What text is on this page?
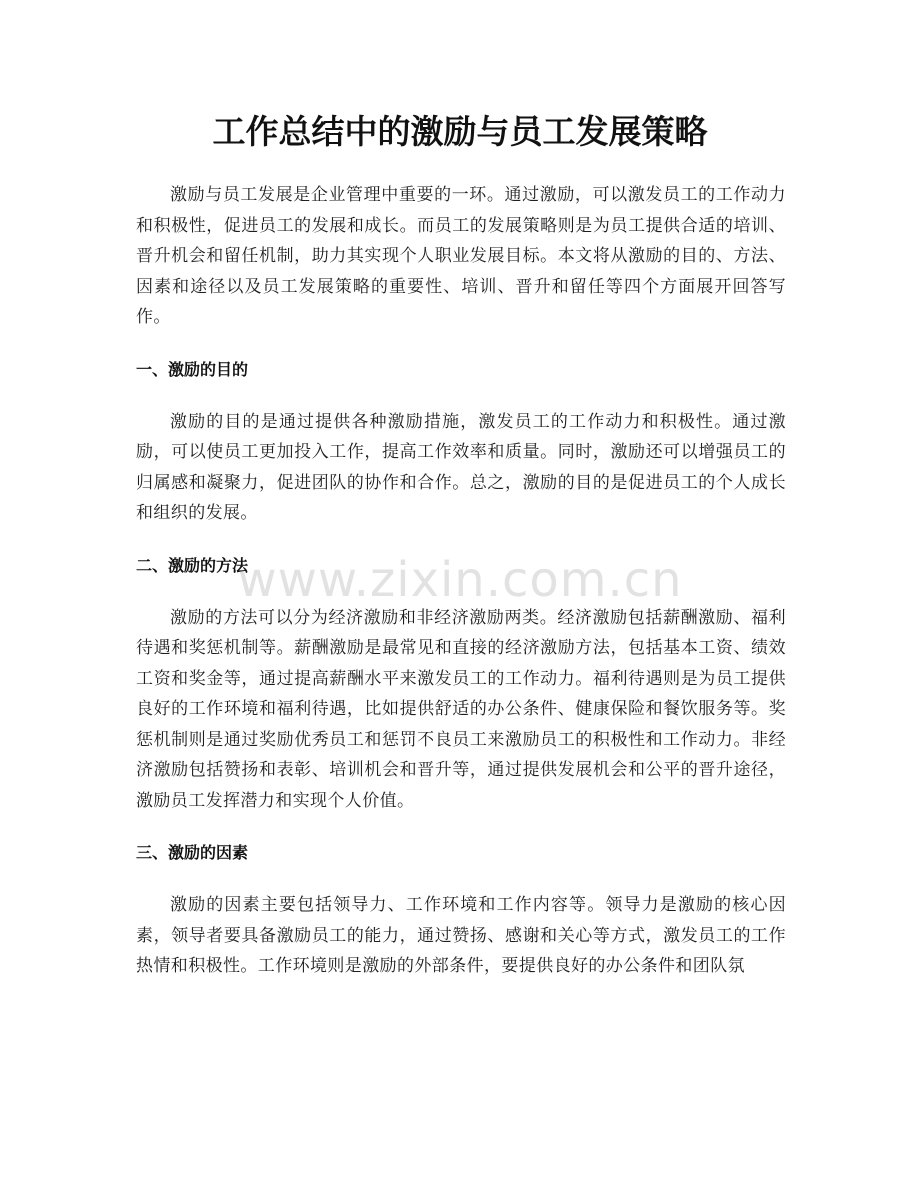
工作总结中的激励与员工发展策略

激励与员工发展是企业管理中重要的一环。通过激励，可以激发员工的工作动力和积极性，促进员工的发展和成长。而员工的发展策略则是为员工提供合适的培训、晋升机会和留任机制，助力其实现个人职业发展目标。本文将从激励的目的、方法、因素和途径以及员工发展策略的重要性、培训、晋升和留任等四个方面展开回答写作。

一、激励的目的

激励的目的是通过提供各种激励措施，激发员工的工作动力和积极性。通过激励，可以使员工更加投入工作，提高工作效率和质量。同时，激励还可以增强员工的归属感和凝聚力，促进团队的协作和合作。总之，激励的目的是促进员工的个人成长和组织的发展。

二、激励的方法

激励的方法可以分为经济激励和非经济激励两类。经济激励包括薪酬激励、福利待遇和奖惩机制等。薪酬激励是最常见和直接的经济激励方法，包括基本工资、绩效工资和奖金等，通过提高薪酬水平来激发员工的工作动力。福利待遇则是为员工提供良好的工作环境和福利待遇，比如提供舒适的办公条件、健康保险和餐饮服务等。奖惩机制则是通过奖励优秀员工和惩罚不良员工来激励员工的积极性和工作动力。非经济激励包括赞扬和表彰、培训机会和晋升等，通过提供发展机会和公平的晋升途径，激励员工发挥潜力和实现个人价值。

三、激励的因素

激励的因素主要包括领导力、工作环境和工作内容等。领导力是激励的核心因素，领导者要具备激励员工的能力，通过赞扬、感谢和关心等方式，激发员工的工作热情和积极性。工作环境则是激励的外部条件，要提供良好的办公条件和团队氛

www.zixin.com.cn
